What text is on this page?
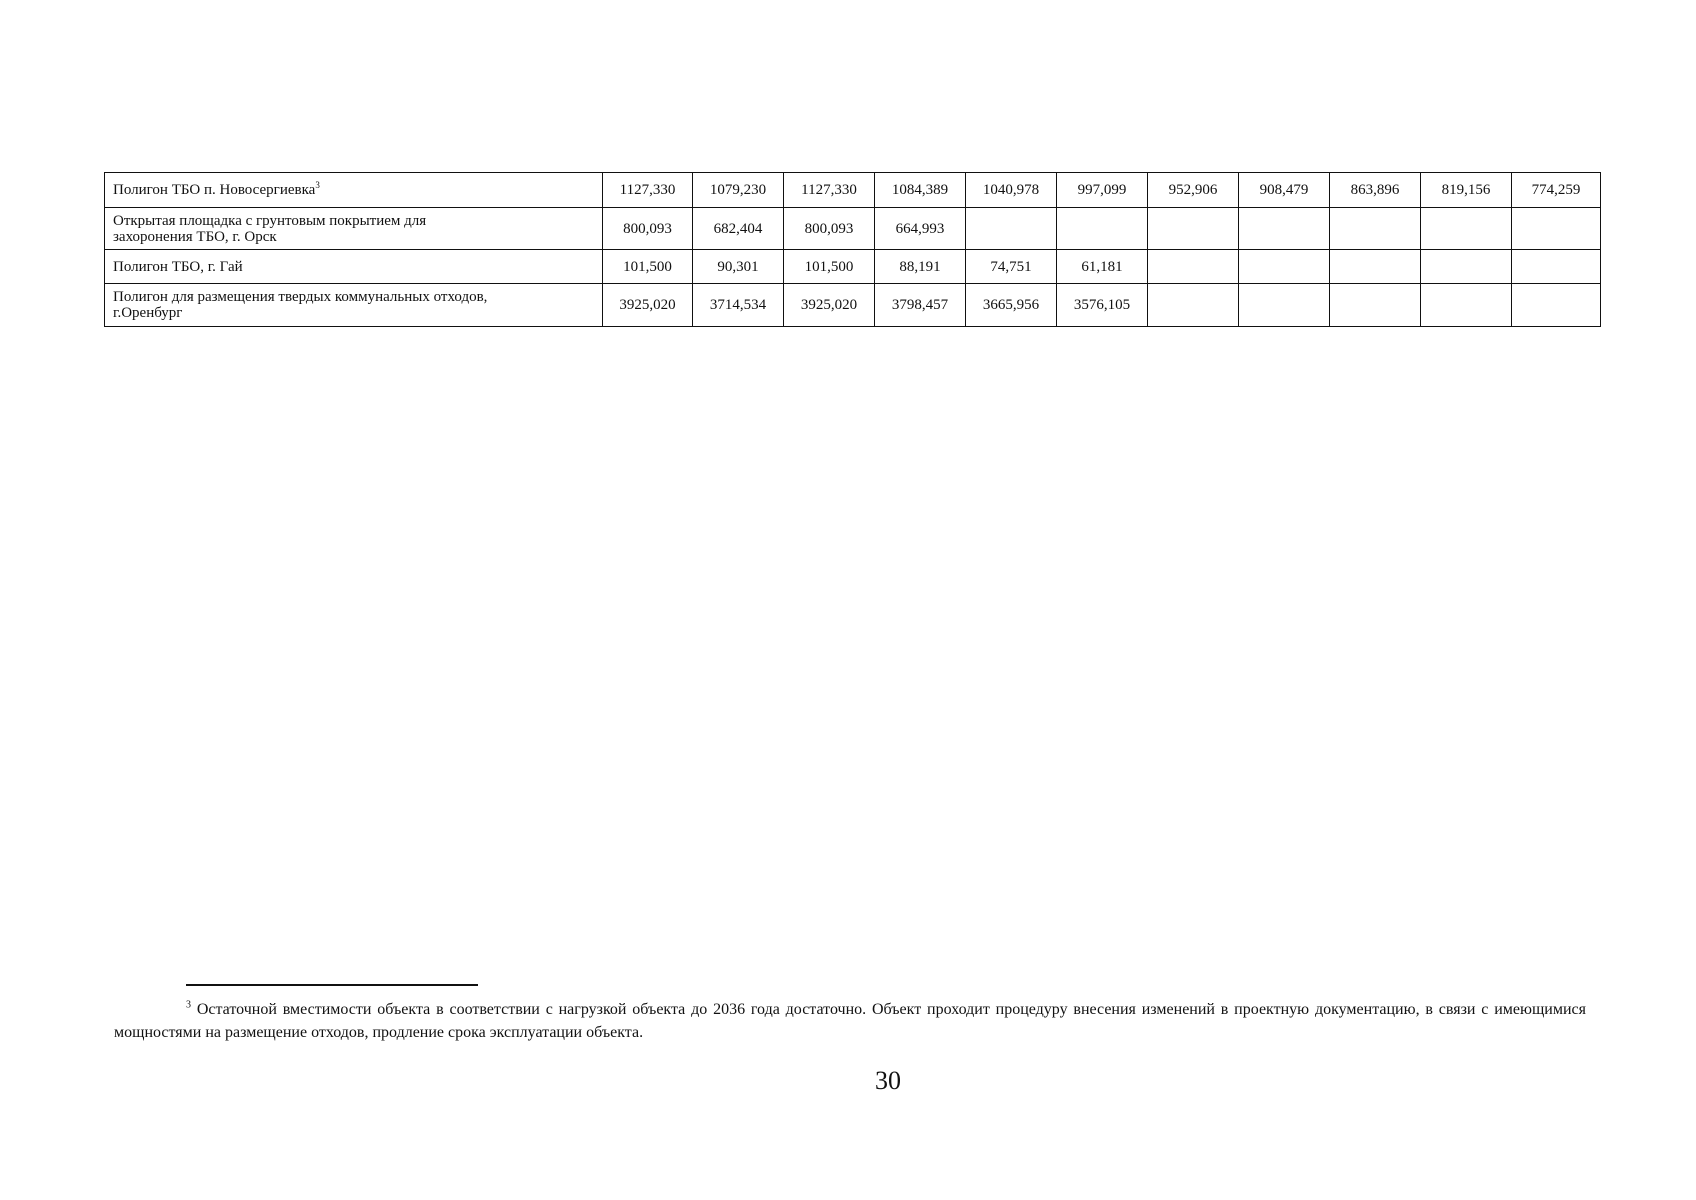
Полигон ТБО п. Новосергиевка$^3$	1127,330	1079,230	1127,330	1084,389	1040,978	997,099	952,906	908,479	863,896	819,156	774,259
Открытая площадка с грунтовым покрытием для
захоронения ТБО, г. Орск	800,093	682,404	800,093	664,993							
Полигон ТБО, г. Гай	101,500	90,301	101,500	88,191	74,751	61,181					
Полигон для размещения твердых коммунальных отходов,
г.Оренбург	3925,020	3714,534	3925,020	3798,457	3665,956	3576,105					
$^3$ Остаточной вместимости объекта в соответствии с нагрузкой объекта до 2036 года достаточно. Объект проходит процедуру внесения изменений в проектную документацию, в связи с имеющимися мощностями на размещение отходов, продление срока эксплуатации объекта.
30
